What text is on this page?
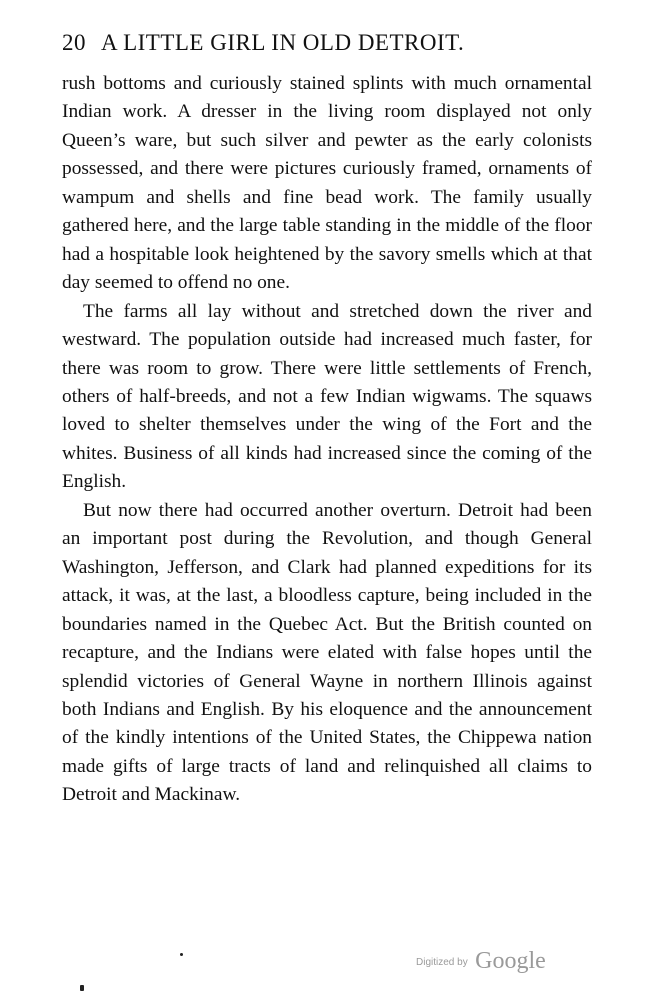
20 A LITTLE GIRL IN OLD DETROIT.

rush bottoms and curiously stained splints with much ornamental Indian work. A dresser in the living room displayed not only Queen’s ware, but such silver and pewter as the early colonists possessed, and there were pictures curiously framed, ornaments of wampum and shells and fine bead work. The family usually gathered here, and the large table standing in the middle of the floor had a hospitable look heightened by the savory smells which at that day seemed to offend no one.

The farms all lay without and stretched down the river and westward. The population outside had increased much faster, for there was room to grow. There were little settlements of French, others of half-breeds, and not a few Indian wigwams. The squaws loved to shelter themselves under the wing of the Fort and the whites. Business of all kinds had increased since the coming of the English.

But now there had occurred another overturn. Detroit had been an important post during the Revolution, and though General Washington, Jefferson, and Clark had planned expeditions for its attack, it was, at the last, a bloodless capture, being included in the boundaries named in the Quebec Act. But the British counted on recapture, and the Indians were elated with false hopes until the splendid victories of General Wayne in northern Illinois against both Indians and English. By his eloquence and the announcement of the kindly intentions of the United States, the Chippewa nation made gifts of large tracts of land and relinquished all claims to Detroit and Mackinaw.

Digitized by Google
